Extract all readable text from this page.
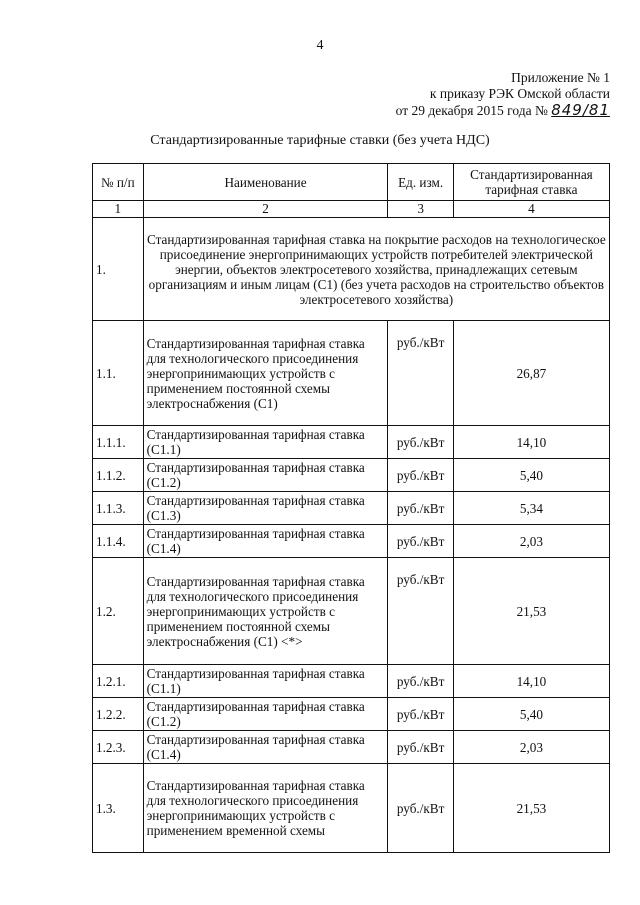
4
Приложение № 1
к приказу РЭК Омской области
от 29 декабря 2015 года № 849/81
Стандартизированные тарифные ставки (без учета НДС)
№ п/п	Наименование	Ед. изм.	Стандартизированная тарифная ставка
1	2	3	4
1.	Стандартизированная тарифная ставка на покрытие расходов на технологическое присоединение энергопринимающих устройств потребителей электрической энергии, объектов электросетевого хозяйства, принадлежащих сетевым организациям и иным лицам (С1) (без учета расходов на строительство объектов электросетевого хозяйства)		
1.1.	Стандартизированная тарифная ставка для технологического присоединения энергопринимающих устройств с применением постоянной схемы электроснабжения (С1)	руб./кВт	26,87
1.1.1.	Стандартизированная тарифная ставка (С1.1)	руб./кВт	14,10
1.1.2.	Стандартизированная тарифная ставка (С1.2)	руб./кВт	5,40
1.1.3.	Стандартизированная тарифная ставка (С1.3)	руб./кВт	5,34
1.1.4.	Стандартизированная тарифная ставка (С1.4)	руб./кВт	2,03
1.2.	Стандартизированная тарифная ставка для технологического присоединения энергопринимающих устройств с применением постоянной схемы электроснабжения (С1) <*>	руб./кВт	21,53
1.2.1.	Стандартизированная тарифная ставка (С1.1)	руб./кВт	14,10
1.2.2.	Стандартизированная тарифная ставка (С1.2)	руб./кВт	5,40
1.2.3.	Стандартизированная тарифная ставка (С1.4)	руб./кВт	2,03
1.3.	Стандартизированная тарифная ставка для технологического присоединения энергопринимающих устройств с применением временной схемы	руб./кВт	21,53
